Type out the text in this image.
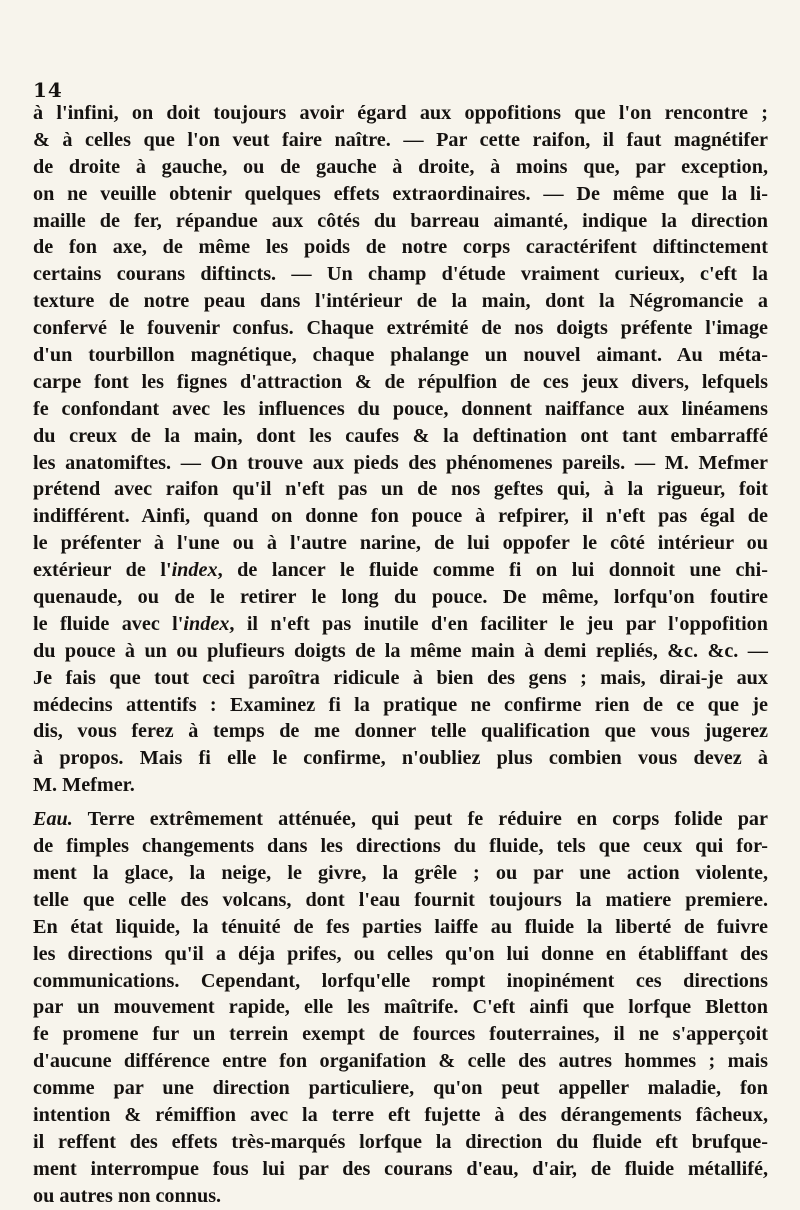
14
à l'infini, on doit toujours avoir égard aux oppofitions que l'on rencontre ;
& à celles que l'on veut faire naître. — Par cette raifon, il faut magnétifer
de droite à gauche, ou de gauche à droite, à moins que, par exception,
on ne veuille obtenir quelques effets extraordinaires. — De même que la li-
maille de fer, répandue aux côtés du barreau aimanté, indique la direction
de fon axe, de même les poids de notre corps caractérifent diftinctement
certains courans diftincts. — Un champ d'étude vraiment curieux, c'eft la
texture de notre peau dans l'intérieur de la main, dont la Négromancie a
confervé le fouvenir confus. Chaque extrémité de nos doigts préfente l'image
d'un tourbillon magnétique, chaque phalange un nouvel aimant. Au méta-
carpe font les fignes d'attraction & de répulfion de ces jeux divers, lefquels
fe confondant avec les influences du pouce, donnent naiffance aux linéamens
du creux de la main, dont les caufes & la deftination ont tant embarraffé
les anatomiftes. — On trouve aux pieds des phénomenes pareils. — M. Mefmer
prétend avec raifon qu'il n'eft pas un de nos geftes qui, à la rigueur, foit
indifférent. Ainfi, quand on donne fon pouce à refpirer, il n'eft pas égal de
le préfenter à l'une ou à l'autre narine, de lui oppofer le côté intérieur ou
extérieur de l'index, de lancer le fluide comme fi on lui donnoit une chi-
quenaude, ou de le retirer le long du pouce. De même, lorfqu'on foutire
le fluide avec l'index, il n'eft pas inutile d'en faciliter le jeu par l'oppofition
du pouce à un ou plufieurs doigts de la même main à demi repliés, &c. &c. —
Je fais que tout ceci paroîtra ridicule à bien des gens ; mais, dirai-je aux
médecins attentifs : Examinez fi la pratique ne confirme rien de ce que je
dis, vous ferez à temps de me donner telle qualification que vous jugerez
à propos. Mais fi elle le confirme, n'oubliez plus combien vous devez à
M. Mefmer.
Eau. Terre extrêmement atténuée, qui peut fe réduire en corps folide par
de fimples changements dans les directions du fluide, tels que ceux qui for-
ment la glace, la neige, le givre, la grêle ; ou par une action violente,
telle que celle des volcans, dont l'eau fournit toujours la matiere premiere.
En état liquide, la ténuité de fes parties laiffe au fluide la liberté de fuivre
les directions qu'il a déja prifes, ou celles qu'on lui donne en établiffant des
communications. Cependant, lorfqu'elle rompt inopinément ces directions
par un mouvement rapide, elle les maîtrife. C'eft ainfi que lorfque Bletton
fe promene fur un terrein exempt de fources fouterraines, il ne s'apperçoit
d'aucune différence entre fon organifation & celle des autres hommes ; mais
comme par une direction particuliere, qu'on peut appeller maladie, fon
intention & rémiffion avec la terre eft fujette à des dérangements fâcheux,
il reffent des effets très-marqués lorfque la direction du fluide eft brufque-
ment interrompue fous lui par des courans d'eau, d'air, de fluide métallifé,
ou autres non connus.
